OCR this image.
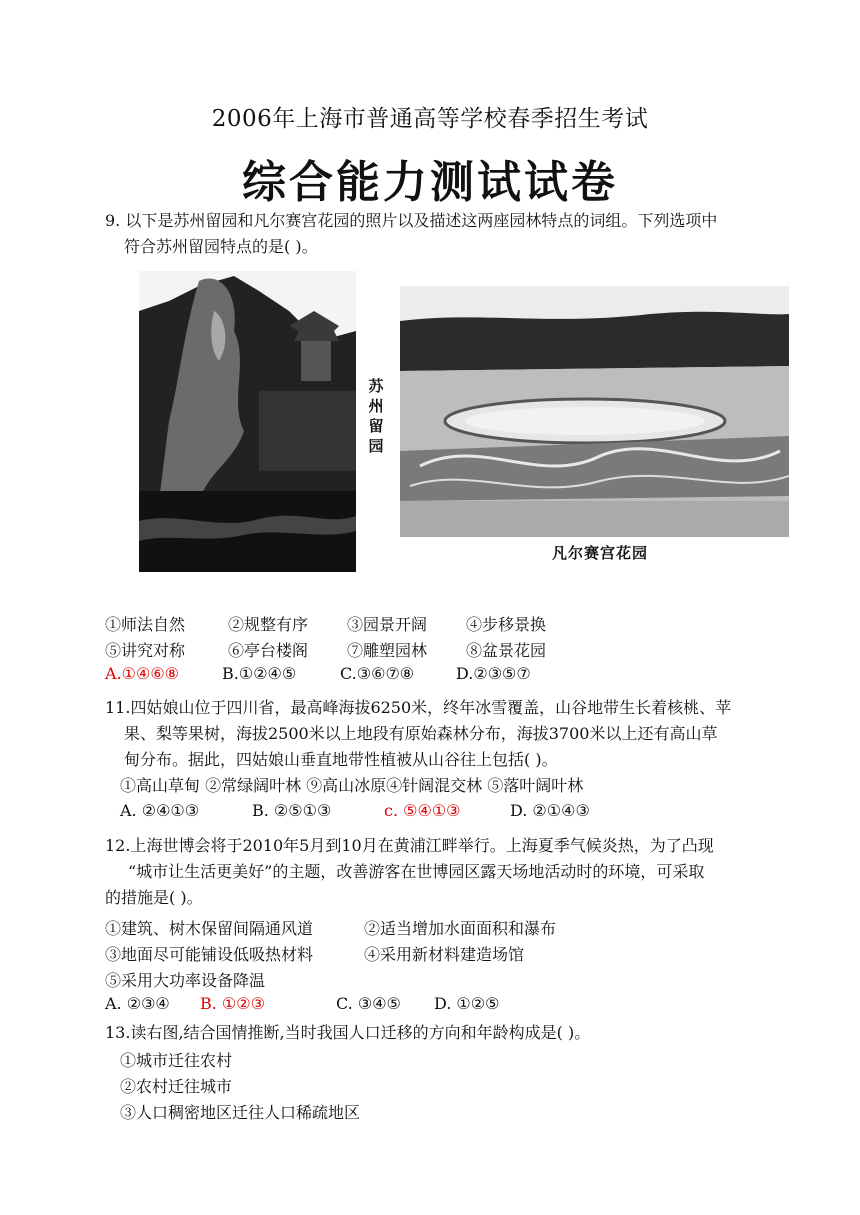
2006年上海市普通高等学校春季招生考试
综合能力测试试卷
9. 以下是苏州留园和凡尔赛宫花园的照片以及描述这两座园林特点的词组。下列选项中
符合苏州留园特点的是( )。
苏州留园
凡尔赛宫花园
①师法自然	②规整有序 ③园景开阔 ④步移景换
⑤讲究对称	⑥亭台楼阁 ⑦雕塑园林 ⑧盆景花园
A.①④⑥⑧	B.①②④⑤	C.③⑥⑦⑧	D.②③⑤⑦
11.四姑娘山位于四川省，最高峰海拔6250米，终年冰雪覆盖，山谷地带生长着核桃、苹
果、梨等果树，海拔2500米以上地段有原始森林分布，海拔3700米以上还有高山草
甸分布。据此，四姑娘山垂直地带性植被从山谷往上包括( )。
①高山草甸 ②常绿阔叶林 ⑨高山冰原④针阔混交林 ⑤落叶阔叶林
A. ②④①③	B. ②⑤①③	c. ⑤④①③	D. ②①④③
12.上海世博会将于2010年5月到10月在黄浦江畔举行。上海夏季气候炎热，为了凸现
“城市让生活更美好”的主题，改善游客在世博园区露天场地活动时的环境，可采取
的措施是( )。
①建筑、树木保留间隔通风道	②适当增加水面面积和瀑布
③地面尽可能铺设低吸热材料	④采用新材料建造场馆
⑤采用大功率设备降温
A. ②③④ B. ①②③	C. ③④⑤ D. ①②⑤
13.读右图,结合国情推断,当时我国人口迁移的方向和年龄构成是( )。
①城市迁往农村
②农村迁往城市
③人口稠密地区迁往人口稀疏地区
